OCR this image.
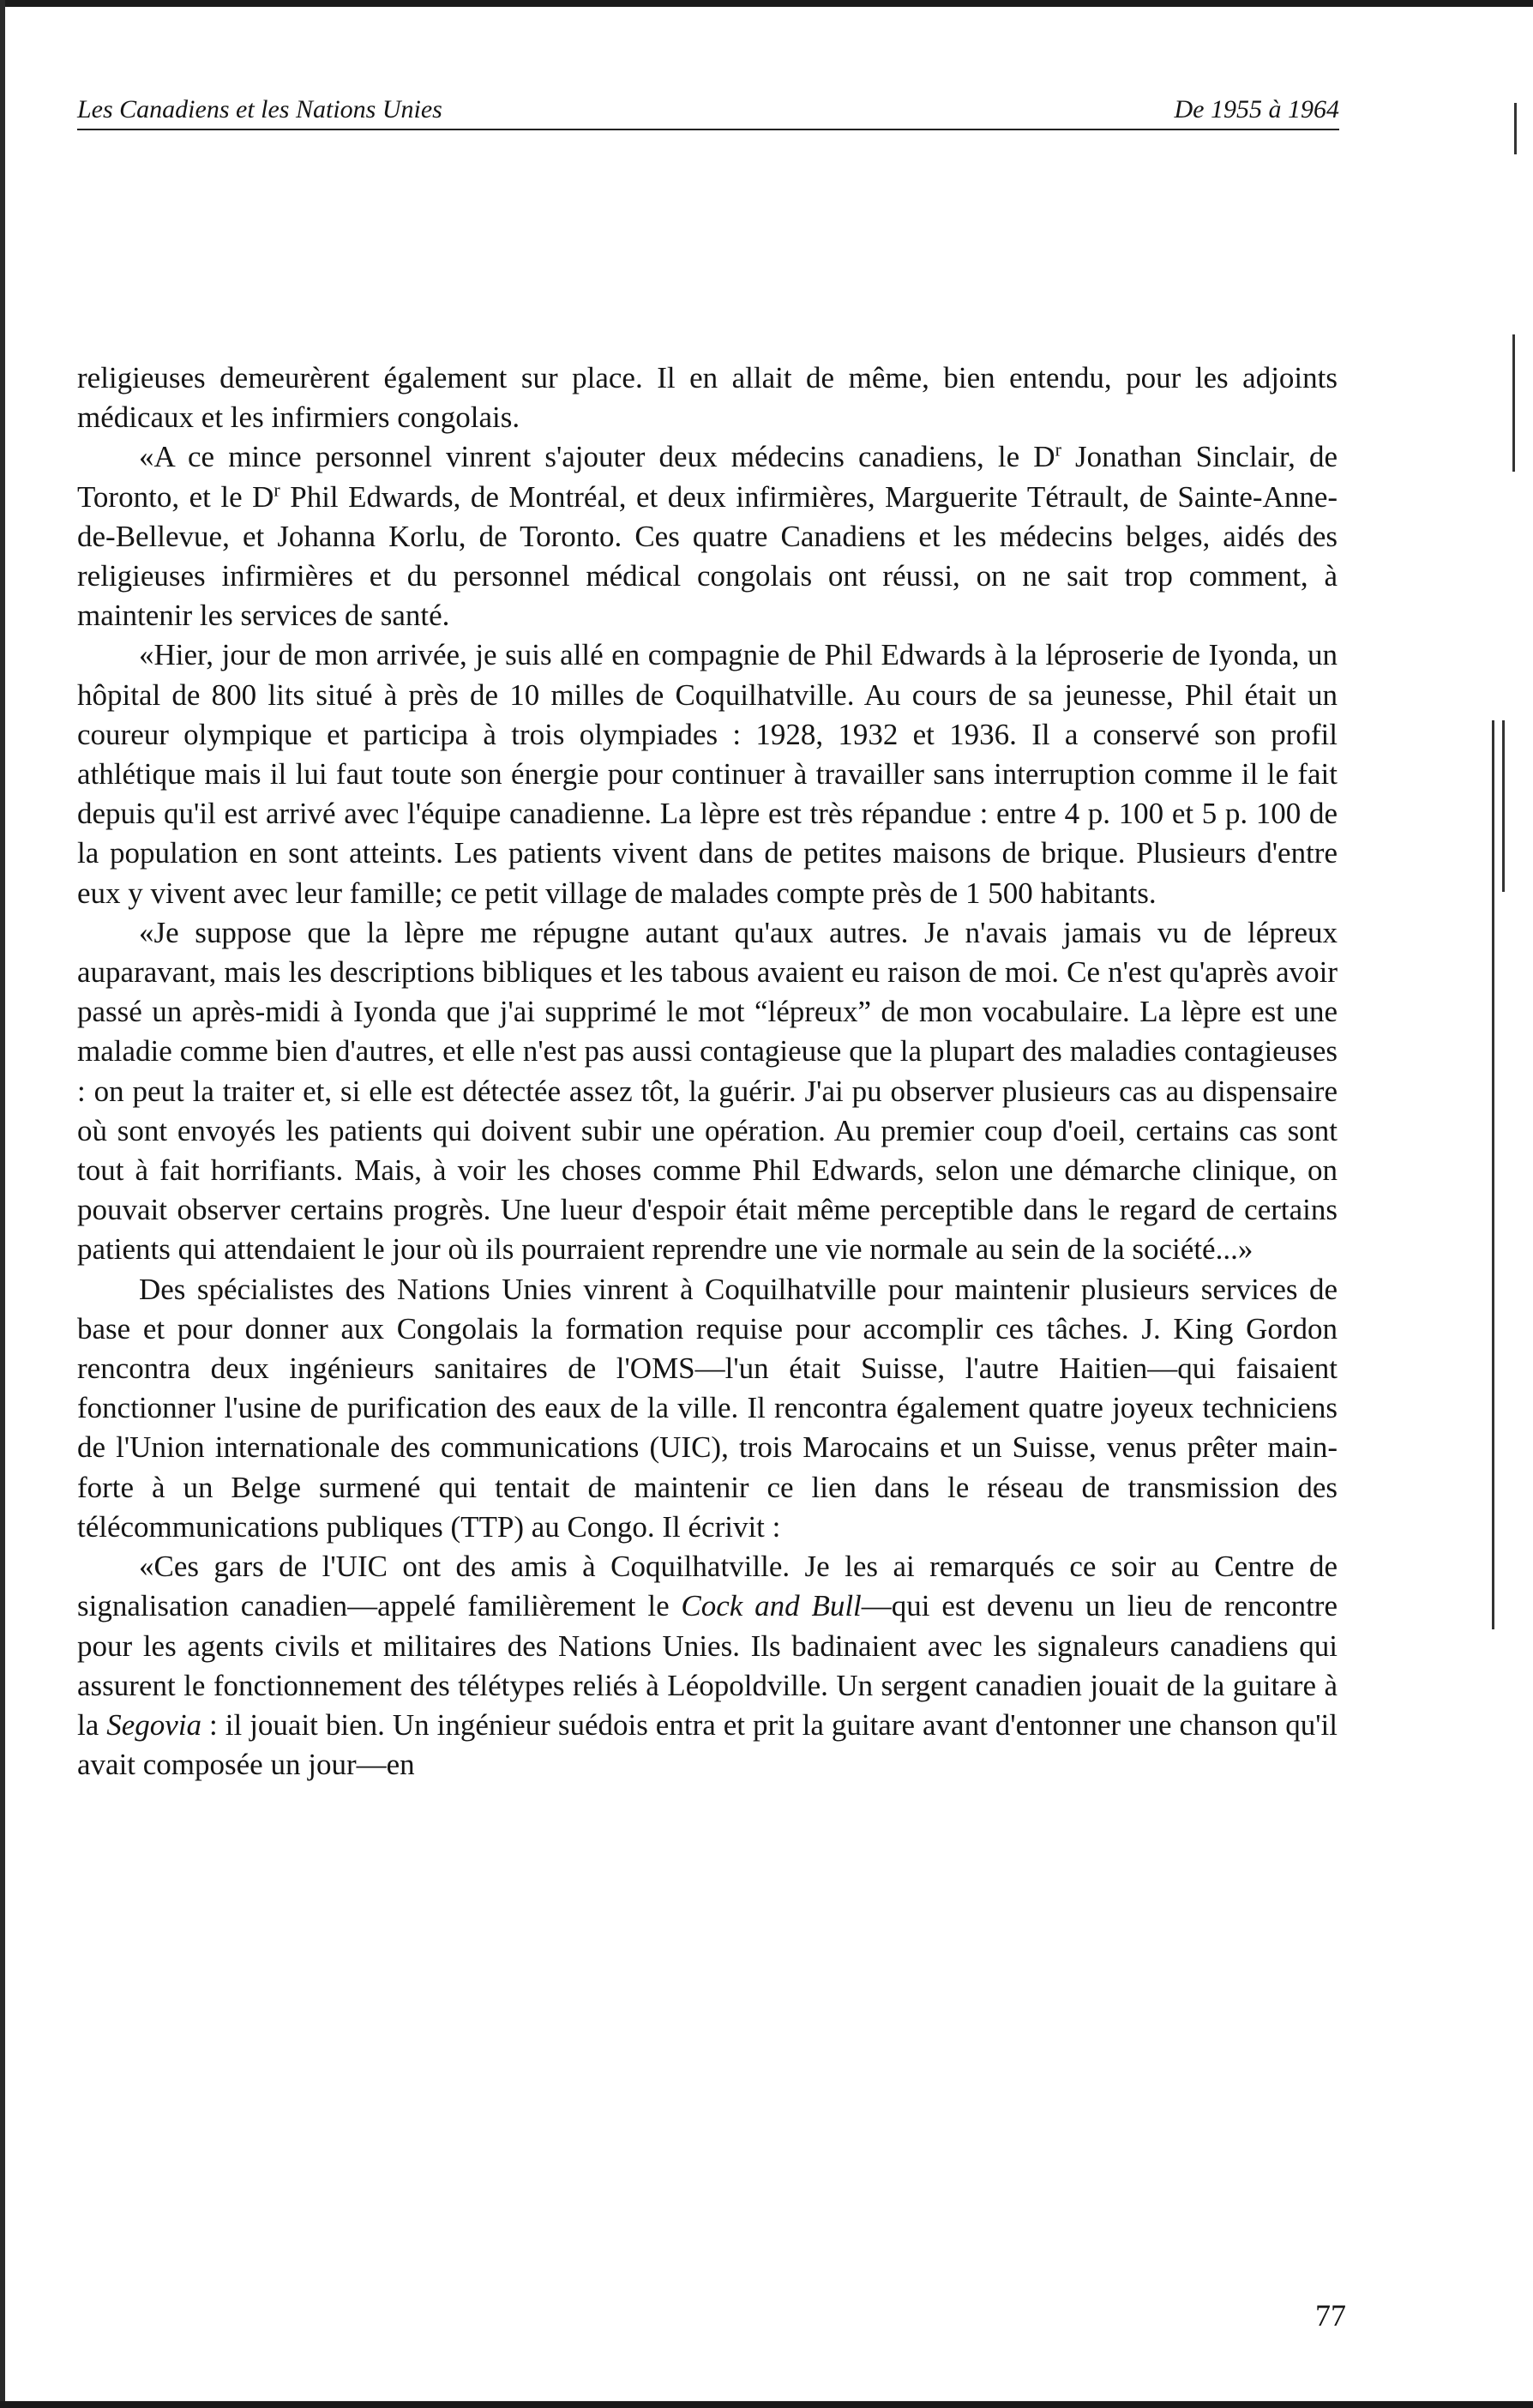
Les Canadiens et les Nations Unies	De 1955 à 1964

religieuses demeurèrent également sur place. Il en allait de même, bien entendu, pour les adjoints médicaux et les infirmiers congolais.

«A ce mince personnel vinrent s'ajouter deux médecins canadiens, le $D^r$ Jonathan Sinclair, de Toronto, et le $D^r$ Phil Edwards, de Montréal, et deux infirmières, Marguerite Tétrault, de Sainte-Anne-de-Bellevue, et Johanna Korlu, de Toronto. Ces quatre Canadiens et les médecins belges, aidés des religieuses infirmières et du personnel médical congolais ont réussi, on ne sait trop comment, à maintenir les services de santé.

«Hier, jour de mon arrivée, je suis allé en compagnie de Phil Edwards à la léproserie de Iyonda, un hôpital de 800 lits situé à près de 10 milles de Coquilhatville. Au cours de sa jeunesse, Phil était un coureur olympique et participa à trois olympiades : 1928, 1932 et 1936. Il a conservé son profil athlétique mais il lui faut toute son énergie pour continuer à travailler sans interruption comme il le fait depuis qu'il est arrivé avec l'équipe canadienne. La lèpre est très répandue : entre 4 p. 100 et 5 p. 100 de la population en sont atteints. Les patients vivent dans de petites maisons de brique. Plusieurs d'entre eux y vivent avec leur famille; ce petit village de malades compte près de 1 500 habitants.

«Je suppose que la lèpre me répugne autant qu'aux autres. Je n'avais jamais vu de lépreux auparavant, mais les descriptions bibliques et les tabous avaient eu raison de moi. Ce n'est qu'après avoir passé un après-midi à Iyonda que j'ai supprimé le mot “lépreux” de mon vocabulaire. La lèpre est une maladie comme bien d'autres, et elle n'est pas aussi contagieuse que la plupart des maladies contagieuses : on peut la traiter et, si elle est détectée assez tôt, la guérir. J'ai pu observer plusieurs cas au dispensaire où sont envoyés les patients qui doivent subir une opération. Au premier coup d'oeil, certains cas sont tout à fait horrifiants. Mais, à voir les choses comme Phil Edwards, selon une démarche clinique, on pouvait observer certains progrès. Une lueur d'espoir était même perceptible dans le regard de certains patients qui attendaient le jour où ils pourraient reprendre une vie normale au sein de la société...»

Des spécialistes des Nations Unies vinrent à Coquilhatville pour maintenir plusieurs services de base et pour donner aux Congolais la formation requise pour accomplir ces tâches. J. King Gordon rencontra deux ingénieurs sanitaires de l'OMS—l'un était Suisse, l'autre Haitien—qui faisaient fonctionner l'usine de purification des eaux de la ville. Il rencontra également quatre joyeux techniciens de l'Union internationale des communications (UIC), trois Marocains et un Suisse, venus prêter main-forte à un Belge surmené qui tentait de maintenir ce lien dans le réseau de transmission des télécommunications publiques (TTP) au Congo. Il écrivit :

«Ces gars de l'UIC ont des amis à Coquilhatville. Je les ai remarqués ce soir au Centre de signalisation canadien—appelé familièrement le Cock and Bull—qui est devenu un lieu de rencontre pour les agents civils et militaires des Nations Unies. Ils badinaient avec les signaleurs canadiens qui assurent le fonctionnement des télétypes reliés à Léopoldville. Un sergent canadien jouait de la guitare à la Segovia : il jouait bien. Un ingénieur suédois entra et prit la guitare avant d'entonner une chanson qu'il avait composée un jour—en

77
